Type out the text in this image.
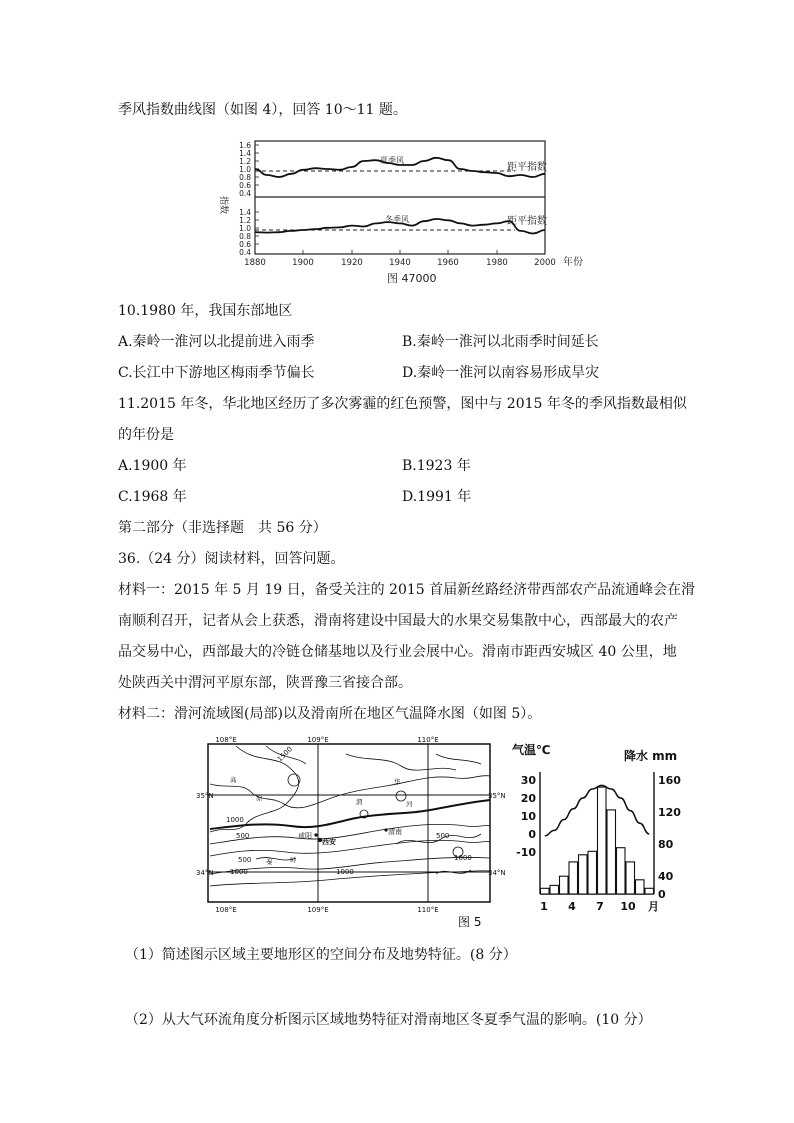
季风指数曲线图（如图 4），回答 10～11 题。
指数
1.6
1.4
1.2
1.0
0.8
0.6
0.4
1.4
1.2
1.0
0.8
0.6
0.4
夏季风
距平指数
冬季风	距平指数
1880	1900	1920	1940	1960	1980	2000 年份
图 47000
10.1980 年，我国东部地区
A.秦岭一淮河以北提前进入雨季	B.秦岭一淮河以北雨季时间延长
C.长江中下游地区梅雨季节偏长	D.秦岭一淮河以南容易形成旱灾
11.2015 年冬，华北地区经历了多次雾霾的红色预警，图中与 2015 年冬的季风指数最相似
的年份是
A.1900 年	B.1923 年
C.1968 年	D.1991 年
第二部分（非选择题　共 56 分）
36.（24 分）阅读材料，回答问题。
材料一：2015 年 5 月 19 日，备受关注的 2015 首届新丝路经济带西部农产品流通峰会在滑
南顺利召开，记者从会上获悉，滑南将建设中国最大的水果交易集散中心，西部最大的农产
品交易中心，西部最大的冷链仓储基地以及行业会展中心。滑南市距西安城区 40 公里，地
处陕西关中渭河平原东部，陕晋豫三省接合部。
材料二：滑河流域图(局部)以及滑南所在地区气温降水图（如图 5）。
108°E	109°E	110°E
108°E	109°E	110°E
35°N
34°N
35°N
34°N
1500
1000
500
500
1000
500
1000
1000
高
原	渭	河
秦	岭
华
咸阳
西安
渭南
图 5
气温℃	降水 mm
30
20
10
0
-10
160
120
80
40
0
1 4 7 10 月
（1）简述图示区域主要地形区的空间分布及地势特征。(8 分）
（2）从大气环流角度分析图示区域地势特征对滑南地区冬夏季气温的影响。(10 分）
